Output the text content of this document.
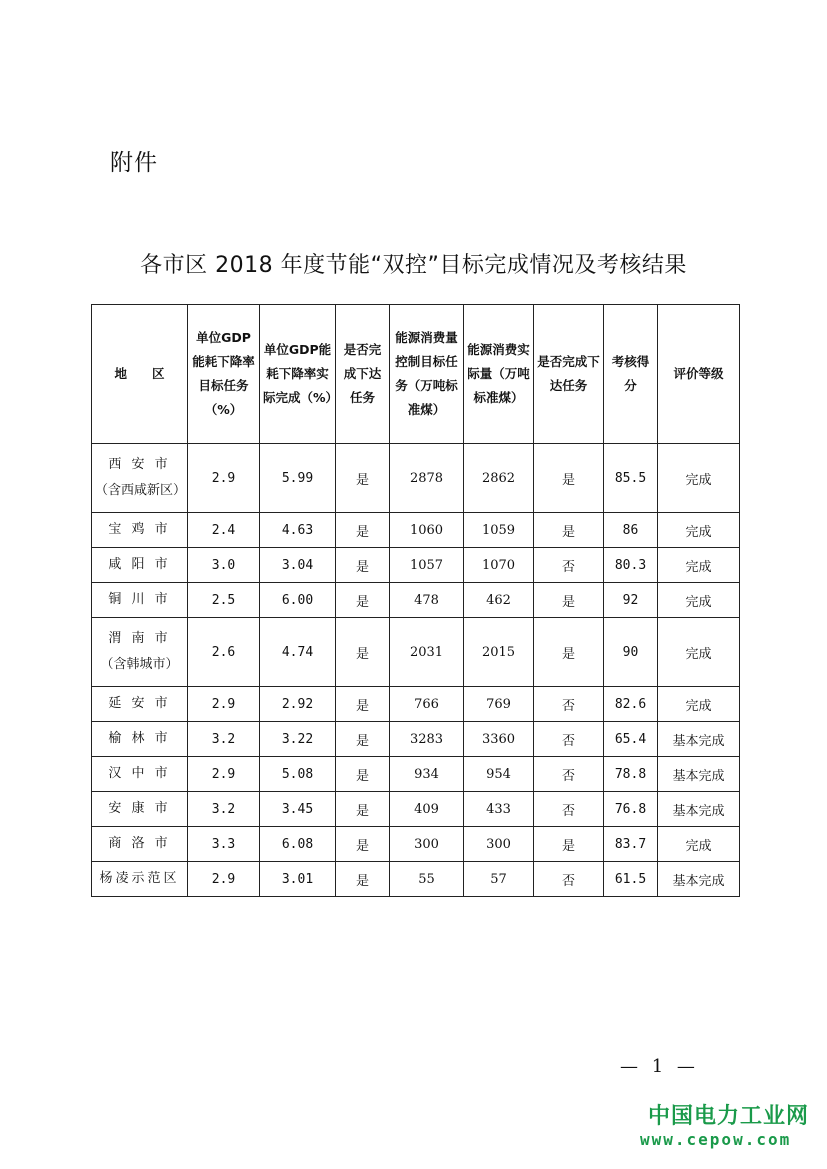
附件
各市区 2018 年度节能“双控”目标完成情况及考核结果
地　　区	单位GDP能耗下降率目标任务（%）	单位GDP能耗下降率实际完成（%）	是否完成下达任务	能源消费量控制目标任务（万吨标准煤）	能源消费实际量（万吨标准煤）	是否完成下达任务	考核得分	评价等级
西 安 市
（含西咸新区）	2.9	5.99	是	2878	2862	是	85.5	完成
宝 鸡 市	2.4	4.63	是	1060	1059	是	86	完成
咸 阳 市	3.0	3.04	是	1057	1070	否	80.3	完成
铜 川 市	2.5	6.00	是	478	462	是	92	完成
渭 南 市
（含韩城市）	2.6	4.74	是	2031	2015	是	90	完成
延 安 市	2.9	2.92	是	766	769	否	82.6	完成
榆 林 市	3.2	3.22	是	3283	3360	否	65.4	基本完成
汉 中 市	2.9	5.08	是	934	954	否	78.8	基本完成
安 康 市	3.2	3.45	是	409	433	否	76.8	基本完成
商 洛 市	3.3	6.08	是	300	300	是	83.7	完成
杨凌示范区	2.9	3.01	是	55	57	否	61.5	基本完成
— 1 —
中国电力工业网
www.cepow.com
